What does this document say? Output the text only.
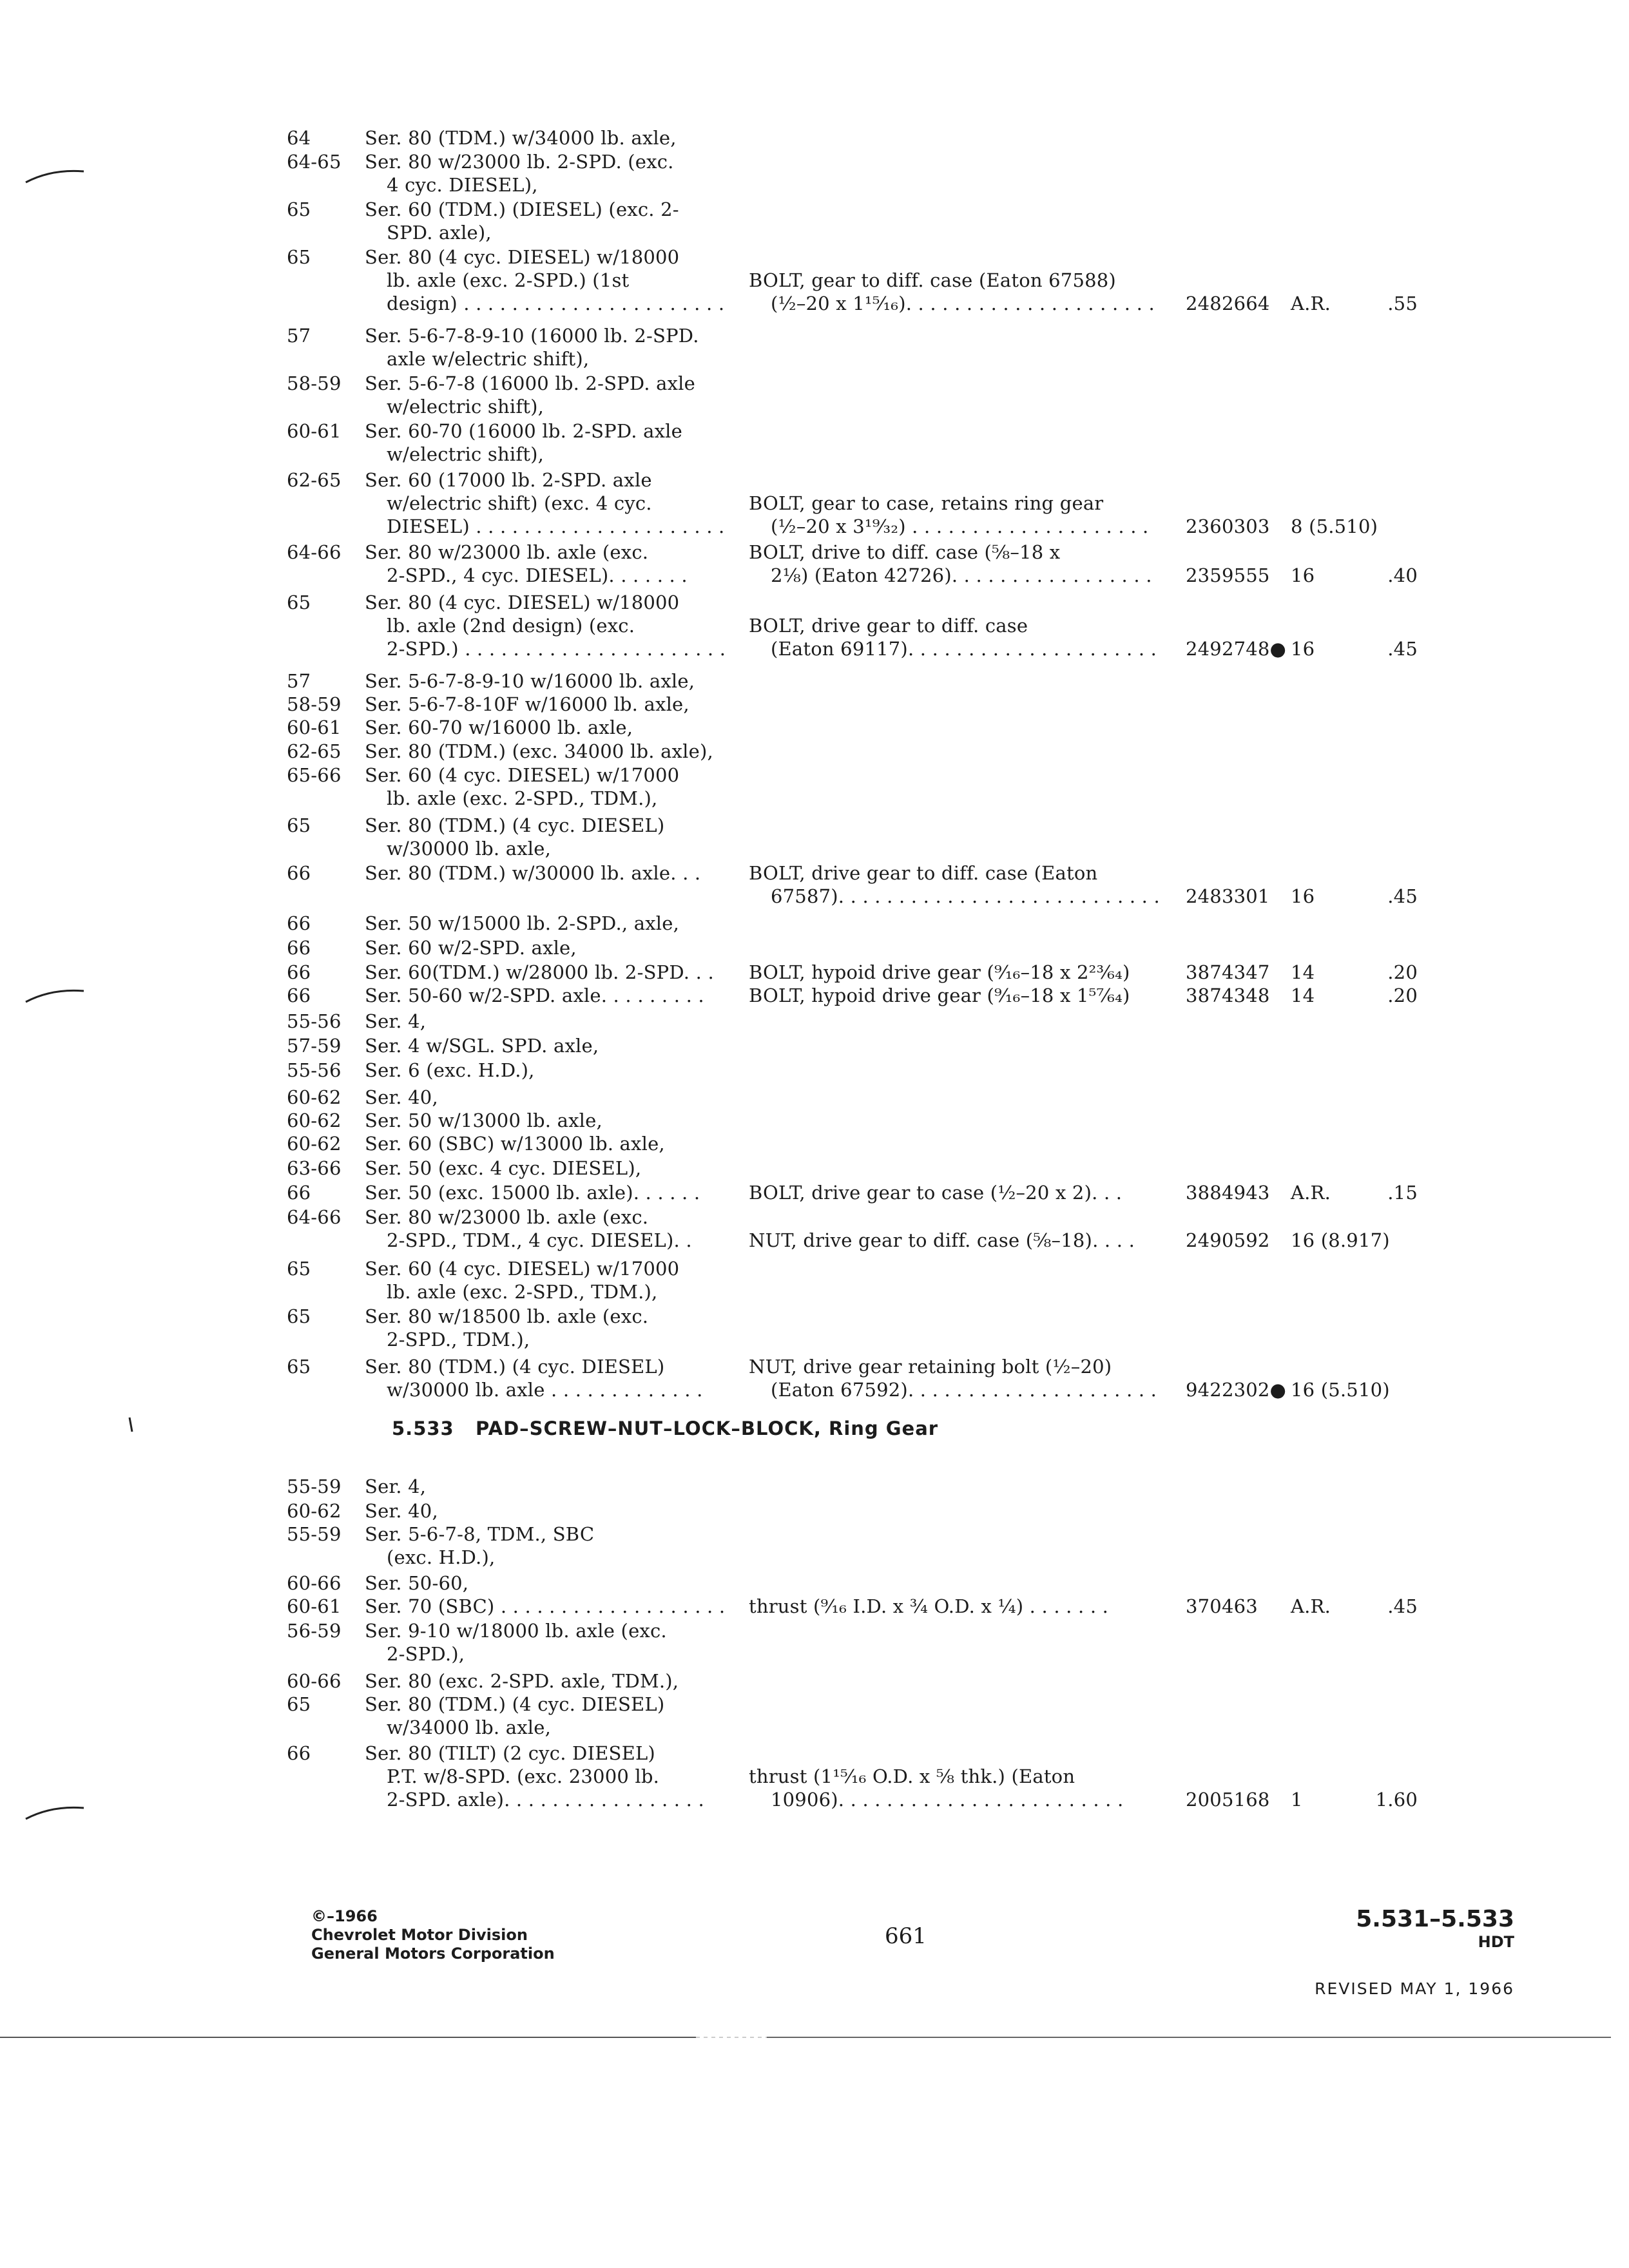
64	Ser. 80 (TDM.) w/34000 lb. axle,
64-65 Ser. 80 w/23000 lb. 2-SPD. (exc.
4 cyc. DIESEL),
65	Ser. 60 (TDM.) (DIESEL) (exc. 2-
SPD. axle),
65	Ser. 80 (4 cyc. DIESEL) w/18000
lb. axle (exc. 2-SPD.) (1st	BOLT, gear to diff. case (Eaton 67588)
design) . . . . . . . . . . . . . . . . . . . . . . (½–20 x 1¹⁵⁄₁₆). . . . . . . . . . . . . . . . . . . . . 2482664 A.R.	.55
57	Ser. 5-6-7-8-9-10 (16000 lb. 2-SPD.
axle w/electric shift),
58-59 Ser. 5-6-7-8 (16000 lb. 2-SPD. axle
w/electric shift),
60-61 Ser. 60-70 (16000 lb. 2-SPD. axle
w/electric shift),
62-65 Ser. 60 (17000 lb. 2-SPD. axle
w/electric shift) (exc. 4 cyc.	BOLT, gear to case, retains ring gear
DIESEL) . . . . . . . . . . . . . . . . . . . . . (½–20 x 3¹⁹⁄₃₂) . . . . . . . . . . . . . . . . . . . . 2360303 8 (5.510)
64-66 Ser. 80 w/23000 lb. axle (exc.	BOLT, drive to diff. case (⅝–18 x
2-SPD., 4 cyc. DIESEL). . . . . . .	2⅛) (Eaton 42726). . . . . . . . . . . . . . . . . 2359555 16	.40
65	Ser. 80 (4 cyc. DIESEL) w/18000
lb. axle (2nd design) (exc.	BOLT, drive gear to diff. case
2-SPD.) . . . . . . . . . . . . . . . . . . . . . . (Eaton 69117). . . . . . . . . . . . . . . . . . . . . 2492748● 16	.45
57	Ser. 5-6-7-8-9-10 w/16000 lb. axle,
58-59 Ser. 5-6-7-8-10F w/16000 lb. axle,
60-61 Ser. 60-70 w/16000 lb. axle,
62-65 Ser. 80 (TDM.) (exc. 34000 lb. axle),
65-66 Ser. 60 (4 cyc. DIESEL) w/17000
lb. axle (exc. 2-SPD., TDM.),
65	Ser. 80 (TDM.) (4 cyc. DIESEL)
w/30000 lb. axle,
66	Ser. 80 (TDM.) w/30000 lb. axle. . .	BOLT, drive gear to diff. case (Eaton
67587). . . . . . . . . . . . . . . . . . . . . . . . . . . 2483301 16	.45
66	Ser. 50 w/15000 lb. 2-SPD., axle,
66	Ser. 60 w/2-SPD. axle,
66	Ser. 60(TDM.) w/28000 lb. 2-SPD. . . BOLT, hypoid drive gear (⁹⁄₁₆–18 x 2²³⁄₆₄)	3874347 14	.20
66	Ser. 50-60 w/2-SPD. axle. . . . . . . . . BOLT, hypoid drive gear (⁹⁄₁₆–18 x 1⁵⁷⁄₆₄)	3874348 14	.20
55-56 Ser. 4,
57-59 Ser. 4 w/SGL. SPD. axle,
55-56 Ser. 6 (exc. H.D.),
60-62 Ser. 40,
60-62 Ser. 50 w/13000 lb. axle,
60-62 Ser. 60 (SBC) w/13000 lb. axle,
63-66 Ser. 50 (exc. 4 cyc. DIESEL),
66	Ser. 50 (exc. 15000 lb. axle). . . . . .	BOLT, drive gear to case (½–20 x 2). . .	3884943 A.R.	.15
64-66 Ser. 80 w/23000 lb. axle (exc.
2-SPD., TDM., 4 cyc. DIESEL). .	NUT, drive gear to diff. case (⅝–18). . . .	2490592 16 (8.917)
65	Ser. 60 (4 cyc. DIESEL) w/17000
lb. axle (exc. 2-SPD., TDM.),
65	Ser. 80 w/18500 lb. axle (exc.
2-SPD., TDM.),
65	Ser. 80 (TDM.) (4 cyc. DIESEL)	NUT, drive gear retaining bolt (½–20)
w/30000 lb. axle . . . . . . . . . . . . .	(Eaton 67592). . . . . . . . . . . . . . . . . . . . . 9422302● 16 (5.510)
55-59 Ser. 4,
60-62 Ser. 40,
55-59 Ser. 5-6-7-8, TDM., SBC
(exc. H.D.),
60-66 Ser. 50-60,
60-61 Ser. 70 (SBC) . . . . . . . . . . . . . . . . . . . thrust (⁹⁄₁₆ I.D. x ¾ O.D. x ¼) . . . . . . .	370463 A.R.	.45
56-59 Ser. 9-10 w/18000 lb. axle (exc.
2-SPD.),
60-66 Ser. 80 (exc. 2-SPD. axle, TDM.),
65	Ser. 80 (TDM.) (4 cyc. DIESEL)
w/34000 lb. axle,
66	Ser. 80 (TILT) (2 cyc. DIESEL)
P.T. w/8-SPD. (exc. 23000 lb.	thrust (1¹⁵⁄₁₆ O.D. x ⅝ thk.) (Eaton
2-SPD. axle). . . . . . . . . . . . . . . . .	10906). . . . . . . . . . . . . . . . . . . . . . . .	2005168 1	1.60
5.533 PAD–SCREW–NUT–LOCK–BLOCK, Ring Gear
©–1966
Chevrolet Motor Division
General Motors Corporation
661
5.531–5.533
HDT
REVISED MAY 1, 1966
